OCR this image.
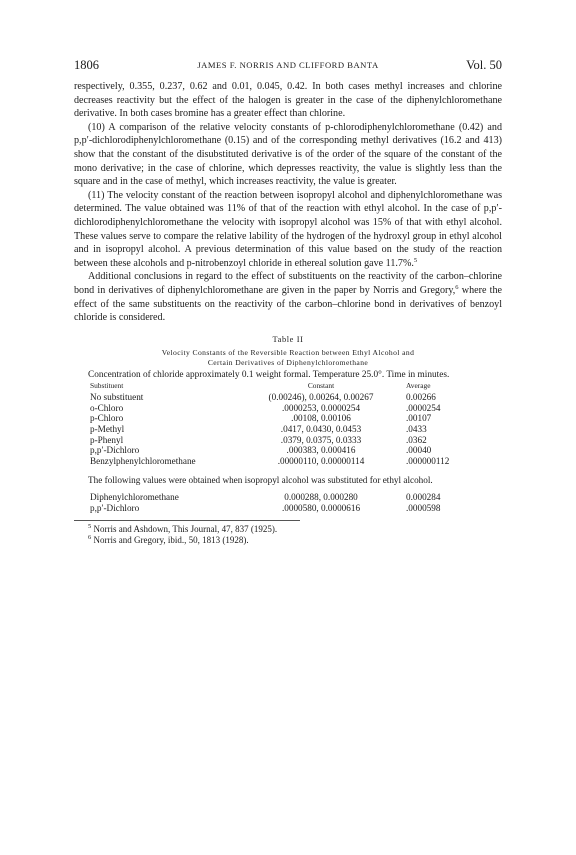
1806	JAMES F. NORRIS AND CLIFFORD BANTA	Vol. 50

respectively, 0.355, 0.237, 0.62 and 0.01, 0.045, 0.42. In both cases methyl increases and chlorine decreases reactivity but the effect of the halogen is greater in the case of the diphenylchloromethane derivative. In both cases bromine has a greater effect than chlorine.

(10) A comparison of the relative velocity constants of p-chlorodiphenylchloromethane (0.42) and p,p′-dichlorodiphenylchloromethane (0.15) and of the corresponding methyl derivatives (16.2 and 413) show that the constant of the disubstituted derivative is of the order of the square of the constant of the mono derivative; in the case of chlorine, which depresses reactivity, the value is slightly less than the square and in the case of methyl, which increases reactivity, the value is greater.

(11) The velocity constant of the reaction between isopropyl alcohol and diphenylchloromethane was determined. The value obtained was 11% of that of the reaction with ethyl alcohol. In the case of p,p′-dichlorodiphenylchloromethane the velocity with isopropyl alcohol was 15% of that with ethyl alcohol. These values serve to compare the relative lability of the hydrogen of the hydroxyl group in ethyl alcohol and in isopropyl alcohol. A previous determination of this value based on the study of the reaction between these alcohols and p-nitrobenzoyl chloride in ethereal solution gave 11.7%.$^5$

Additional conclusions in regard to the effect of substituents on the reactivity of the carbon–chlorine bond in derivatives of diphenylchloromethane are given in the paper by Norris and Gregory,$^6$ where the effect of the same substituents on the reactivity of the carbon–chlorine bond in derivatives of benzoyl chloride is considered.

Table II
Velocity Constants of the Reversible Reaction between Ethyl Alcohol and
Certain Derivatives of Diphenylchloromethane
Concentration of chloride approximately 0.1 weight formal. Temperature 25.0°. Time in minutes.
Substituent	Constant	Average
No substituent	(0.00246), 0.00264, 0.00267	0.00266
o-Chloro	.0000253, 0.0000254	.0000254
p-Chloro	.00108, 0.00106	.00107
p-Methyl	.0417, 0.0430, 0.0453	.0433
p-Phenyl	.0379, 0.0375, 0.0333	.0362
p,p′-Dichloro	.000383, 0.000416	.00040
Benzylphenylchloromethane	.00000110, 0.00000114	.000000112
The following values were obtained when isopropyl alcohol was substituted for ethyl alcohol.
Diphenylchloromethane	0.000288, 0.000280	0.000284
p,p′-Dichloro	.0000580, 0.0000616	.0000598
$^5$ Norris and Ashdown, This Journal, 47, 837 (1925).
$^6$ Norris and Gregory, ibid., 50, 1813 (1928).
